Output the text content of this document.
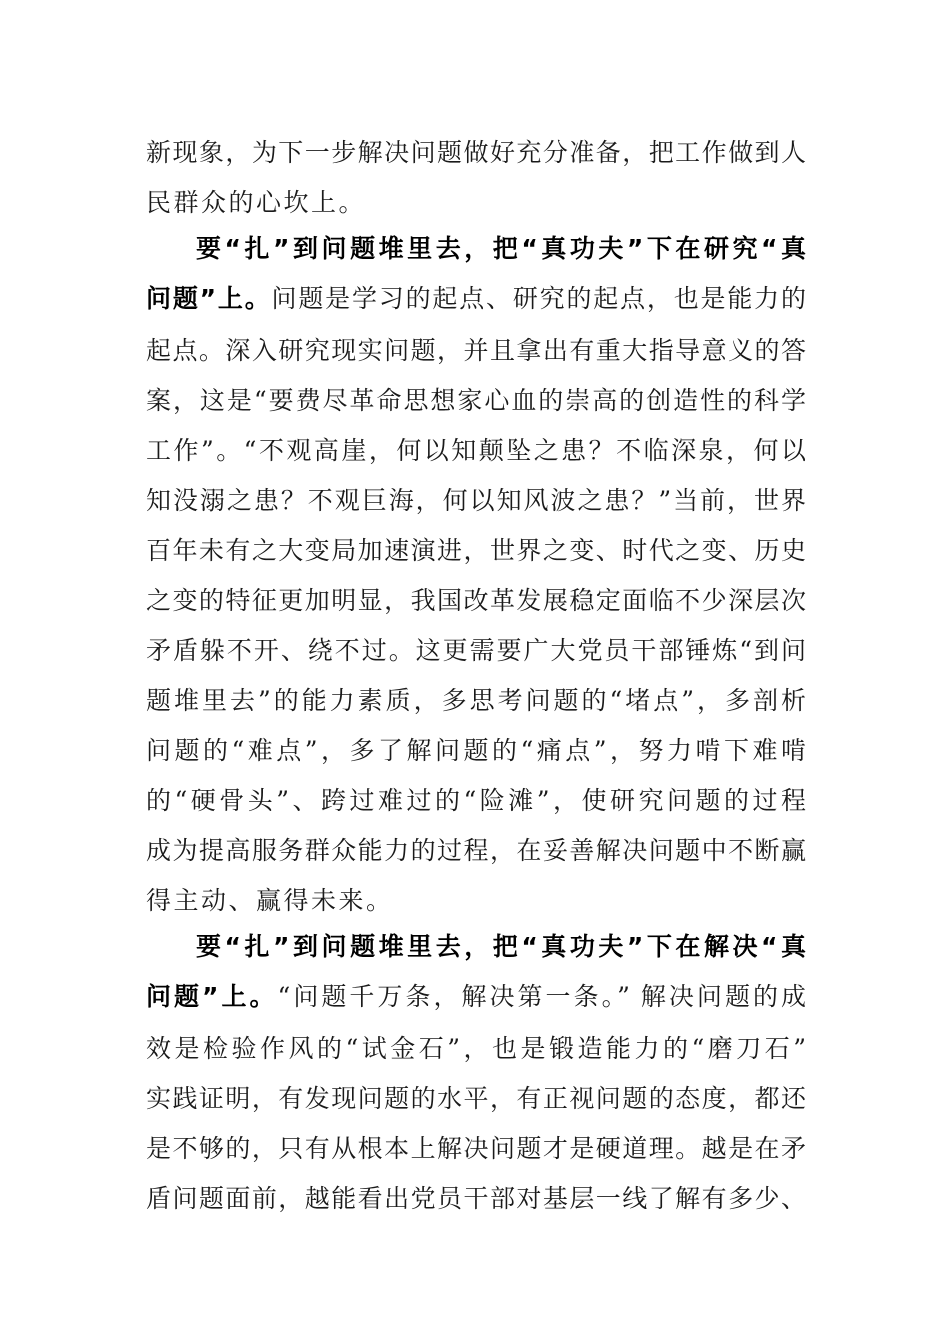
新现象，为下一步解决问题做好充分准备，把工作做到人
民群众的心坎上。
要“扎”到问题堆里去，把“真功夫”下在研究“真
问题”上。问题是学习的起点、研究的起点，也是能力的
起点。深入研究现实问题，并且拿出有重大指导意义的答
案，这是“要费尽革命思想家心血的崇高的创造性的科学
工作”。“不观高崖，何以知颠坠之患？不临深泉，何以
知没溺之患？不观巨海，何以知风波之患？”当前，世界
百年未有之大变局加速演进，世界之变、时代之变、历史
之变的特征更加明显，我国改革发展稳定面临不少深层次
矛盾躲不开、绕不过。这更需要广大党员干部锤炼“到问
题堆里去”的能力素质，多思考问题的“堵点”，多剖析
问题的“难点”，多了解问题的“痛点”，努力啃下难啃
的“硬骨头”、跨过难过的“险滩”，使研究问题的过程
成为提高服务群众能力的过程，在妥善解决问题中不断赢
得主动、赢得未来。
要“扎”到问题堆里去，把“真功夫”下在解决“真
问题”上。“问题千万条，解决第一条。” 解决问题的成
效是检验作风的“试金石”，也是锻造能力的“磨刀石”
实践证明，有发现问题的水平，有正视问题的态度，都还
是不够的，只有从根本上解决问题才是硬道理。越是在矛
盾问题面前，越能看出党员干部对基层一线了解有多少、
